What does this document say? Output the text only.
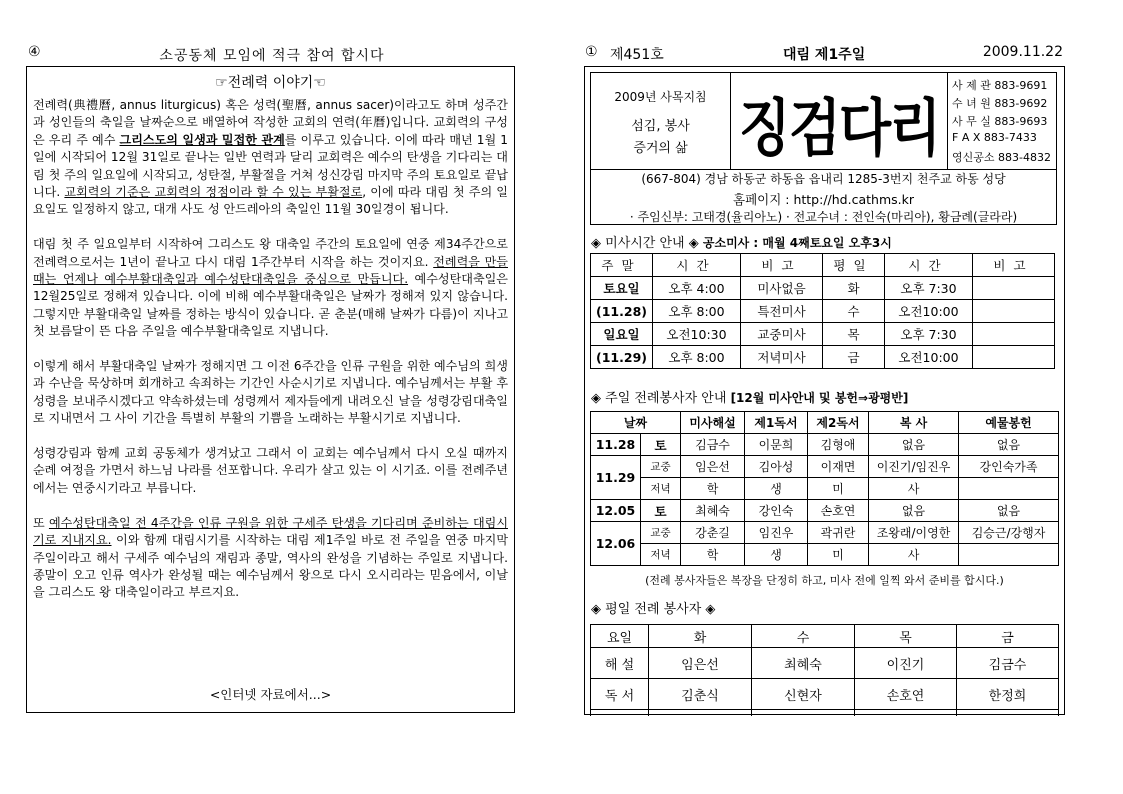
④	소공동체 모임에 적극 참여 합시다
☞전례력 이야기☜

전례력(典禮曆, annus liturgicus) 혹은 성력(聖曆, annus sacer)이라고도 하며 성주간과 성인들의 축일을 날짜순으로 배열하여 작성한 교회의 연력(年曆)입니다. 교회력의 구성은 우리 주 예수 그리스도의 일생과 밀접한 관계를 이루고 있습니다. 이에 따라 매년 1월 1일에 시작되어 12월 31일로 끝나는 일반 연력과 달리 교회력은 예수의 탄생을 기다리는 대림 첫 주의 일요일에 시작되고, 성탄절, 부활절을 거쳐 성신강림 마지막 주의 토요일로 끝납니다. 교회력의 기준은 교회력의 정점이라 할 수 있는 부활절로, 이에 따라 대림 첫 주의 일요일도 일정하지 않고, 대개 사도 성 안드레아의 축일인 11월 30일경이 됩니다.

대림 첫 주 일요일부터 시작하여 그리스도 왕 대축일 주간의 토요일에 연중 제34주간으로 전례력으로서는 1년이 끝나고 다시 대림 1주간부터 시작을 하는 것이지요. 전례력을 만들 때는 언제나 예수부활대축일과 예수성탄대축일을 중심으로 만듭니다. 예수성탄대축일은 12월25일로 정해져 있습니다. 이에 비해 예수부활대축일은 날짜가 정해져 있지 않습니다. 그렇지만 부활대축일 날짜를 정하는 방식이 있습니다. 곧 춘분(매해 날짜가 다름)이 지나고 첫 보름달이 뜬 다음 주일을 예수부활대축일로 지냅니다.

이렇게 해서 부활대축일 날짜가 정해지면 그 이전 6주간을 인류 구원을 위한 예수님의 희생과 수난을 묵상하며 회개하고 속죄하는 기간인 사순시기로 지냅니다. 예수님께서는 부활 후 성령을 보내주시겠다고 약속하셨는데 성령께서 제자들에게 내려오신 날을 성령강림대축일로 지내면서 그 사이 기간을 특별히 부활의 기쁨을 노래하는 부활시기로 지냅니다.

성령강림과 함께 교회 공동체가 생겨났고 그래서 이 교회는 예수님께서 다시 오실 때까지 순례 여정을 가면서 하느님 나라를 선포합니다. 우리가 살고 있는 이 시기죠. 이를 전례주년에서는 연중시기라고 부릅니다.

또 예수성탄대축일 전 4주간을 인류 구원을 위한 구세주 탄생을 기다리며 준비하는 대림시기로 지내지요. 이와 함께 대림시기를 시작하는 대림 제1주일 바로 전 주일을 연중 마지막 주일이라고 해서 구세주 예수님의 재림과 종말, 역사의 완성을 기념하는 주일로 지냅니다. 종말이 오고 인류 역사가 완성될 때는 예수님께서 왕으로 다시 오시리라는 믿음에서, 이날을 그리스도 왕 대축일이라고 부르지요.

<인터넷 자료에서...>
① 제451호	대림 제1주일	2009.11.22
2009년 사목지침
섬김, 봉사
증거의 삶 징검다리
사 제 관 883-9691
수 녀 원 883-9692
사 무 실 883-9693
F A X 883-7433
영신공소 883-4832
(667-804) 경남 하동군 하동읍 읍내리 1285-3번지 천주교 하동 성당
홈페이지 : http://hd.cathms.kr
· 주임신부: 고태경(율리아노) · 전교수녀 : 전인숙(마리아), 황금례(글라라)
◈ 미사시간 안내 ◈ 공소미사 : 매월 4째토요일 오후3시
주말	시간	비고	평일	시간	비고
토요일	오후 4:00	미사없음	화	오후 7:30	
(11.28)	오후 8:00	특전미사	수	오전10:00	
일요일	오전10:30	교중미사	목	오후 7:30	
(11.29)	오후 8:00	저녁미사	금	오전10:00	
◈ 주일 전례봉사자 안내 [12월 미사안내 및 봉헌⇒광평반]
날짜		미사해설	제1독서	제2독서	복 사	예물봉헌
11.28	토	김금수	이문희	김형애	없음	없음
11.29	교중	임은선	김아성	이재면	이진기/임진우	강인숙가족
	저녁	학	생	미	사	
12.05	토	최혜숙	강인숙	손호연	없음	없음
12.06	교중	강춘길	임진우	곽귀란	조왕래/이영한	김승근/강행자
	저녁	학	생	미	사	
(전례 봉사자들은 복장을 단정히 하고, 미사 전에 일찍 와서 준비를 합시다.)
◈ 평일 전례 봉사자 ◈
요일	화	수	목	금
해 설	임은선	최혜숙	이진기	김금수
독 서	김춘식	신현자	손호연	한정희
